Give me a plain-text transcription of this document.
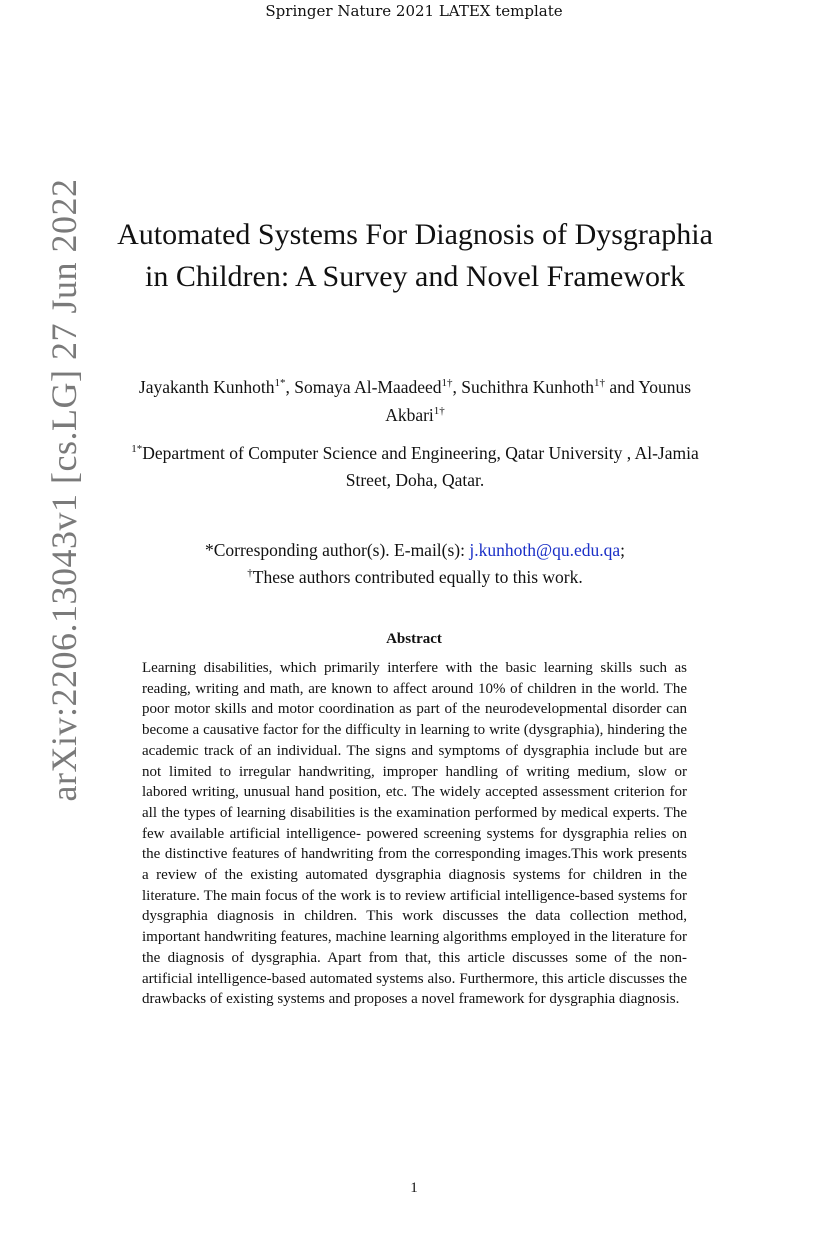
Springer Nature 2021 LATEX template
arXiv:2206.13043v1 [cs.LG] 27 Jun 2022 Automated Systems For Diagnosis of Dysgraphia in Children: A Survey and Novel Framework
Jayakanth Kunhoth$^{1*}$, Somaya Al-Maadeed$^{1\dagger}$, Suchithra Kunhoth$^{1\dagger}$ and Younus Akbari$^{1\dagger}$
$^{1*}$Department of Computer Science and Engineering, Qatar University , Al-Jamia Street, Doha, Qatar.
*Corresponding author(s). E-mail(s): j.kunhoth@qu.edu.qa;
†These authors contributed equally to this work.
Abstract

Learning disabilities, which primarily interfere with the basic learning skills such as reading, writing and math, are known to affect around 10% of children in the world. The poor motor skills and motor coordination as part of the neurodevelopmental disorder can become a causative factor for the difficulty in learning to write (dysgraphia), hindering the academic track of an individual. The signs and symptoms of dysgraphia include but are not limited to irregular handwriting, improper handling of writing medium, slow or labored writing, unusual hand position, etc. The widely accepted assessment criterion for all the types of learning disabilities is the examination performed by medical experts. The few available artificial intelligence- powered screening systems for dysgraphia relies on the distinctive features of handwriting from the corresponding images.This work presents a review of the existing automated dysgraphia diagnosis systems for children in the literature. The main focus of the work is to review artificial intelligence-based systems for dysgraphia diagnosis in children. This work discusses the data collection method, important handwriting features, machine learning algorithms employed in the literature for the diagnosis of dysgraphia. Apart from that, this article discusses some of the non-artificial intelligence-based automated systems also. Furthermore, this article discusses the drawbacks of existing systems and proposes a novel framework for dysgraphia diagnosis.

1
